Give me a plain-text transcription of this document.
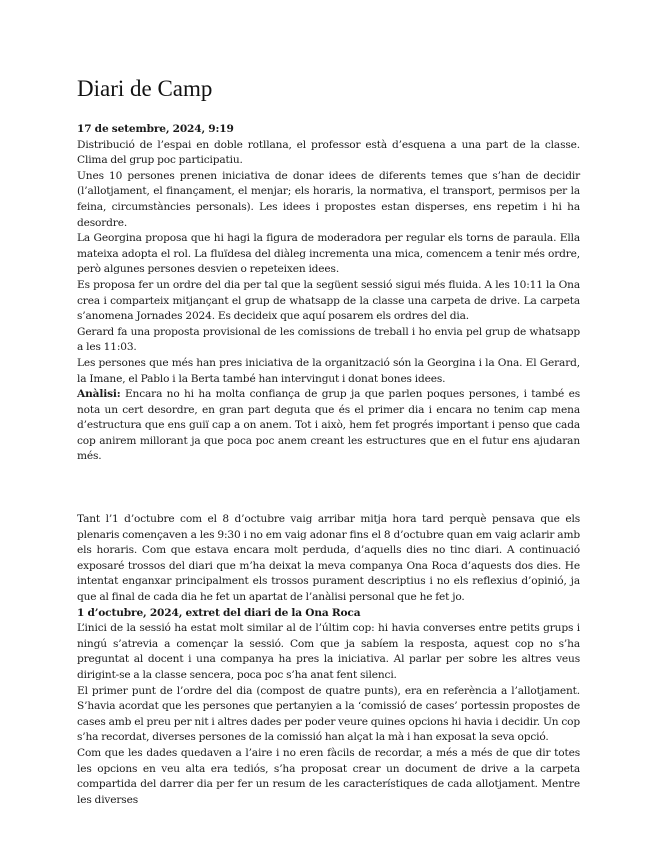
Diari de Camp

17 de setembre, 2024, 9:19

Distribució de l’espai en doble rotllana, el professor està d’esquena a una part de la classe. Clima del grup poc participatiu.

Unes 10 persones prenen iniciativa de donar idees de diferents temes que s’han de decidir (l’allotjament, el finançament, el menjar; els horaris, la normativa, el transport, permisos per la feina, circumstàncies personals). Les idees i propostes estan disperses, ens repetim i hi ha desordre.

La Georgina proposa que hi hagi la figura de moderadora per regular els torns de paraula. Ella mateixa adopta el rol. La fluïdesa del diàleg incrementa una mica, comencem a tenir més ordre, però algunes persones desvien o repeteixen idees.

Es proposa fer un ordre del dia per tal que la següent sessió sigui més fluida. A les 10:11 la Ona crea i comparteix mitjançant el grup de whatsapp de la classe una carpeta de drive. La carpeta s’anomena Jornades 2024. Es decideix que aquí posarem els ordres del dia.

Gerard fa una proposta provisional de les comissions de treball i ho envia pel grup de whatsapp a les 11:03.

Les persones que més han pres iniciativa de la organització són la Georgina i la Ona. El Gerard, la Imane, el Pablo i la Berta també han intervingut i donat bones idees.

Anàlisi: Encara no hi ha molta confiança de grup ja que parlen poques persones, i també es nota un cert desordre, en gran part deguta que és el primer dia i encara no tenim cap mena d’estructura que ens guiï cap a on anem. Tot i això, hem fet progrés important i penso que cada cop anirem millorant ja que poca poc anem creant les estructures que en el futur ens ajudaran més.

Tant l’1 d’octubre com el 8 d’octubre vaig arribar mitja hora tard perquè pensava que els plenaris començaven a les 9:30 i no em vaig adonar fins el 8 d’octubre quan em vaig aclarir amb els horaris. Com que estava encara molt perduda, d’aquells dies no tinc diari. A continuació exposaré trossos del diari que m’ha deixat la meva companya Ona Roca d’aquests dos dies. He intentat enganxar principalment els trossos purament descriptius i no els reflexius d’opinió, ja que al final de cada dia he fet un apartat de l’anàlisi personal que he fet jo.

1 d’octubre, 2024, extret del diari de la Ona Roca

L’inici de la sessió ha estat molt similar al de l’últim cop: hi havia converses entre petits grups i ningú s’atrevia a començar la sessió. Com que ja sabíem la resposta, aquest cop no s’ha preguntat al docent i una companya ha pres la iniciativa. Al parlar per sobre les altres veus dirigint-se a la classe sencera, poca poc s’ha anat fent silenci.

El primer punt de l’ordre del dia (compost de quatre punts), era en referència a l’allotjament. S’havia acordat que les persones que pertanyien a la ‘comissió de cases’ portessin propostes de cases amb el preu per nit i altres dades per poder veure quines opcions hi havia i decidir. Un cop s’ha recordat, diverses persones de la comissió han alçat la mà i han exposat la seva opció.

Com que les dades quedaven a l’aire i no eren fàcils de recordar, a més a més de que dir totes les opcions en veu alta era tediós, s’ha proposat crear un document de drive a la carpeta compartida del darrer dia per fer un resum de les característiques de cada allotjament. Mentre les diverses
